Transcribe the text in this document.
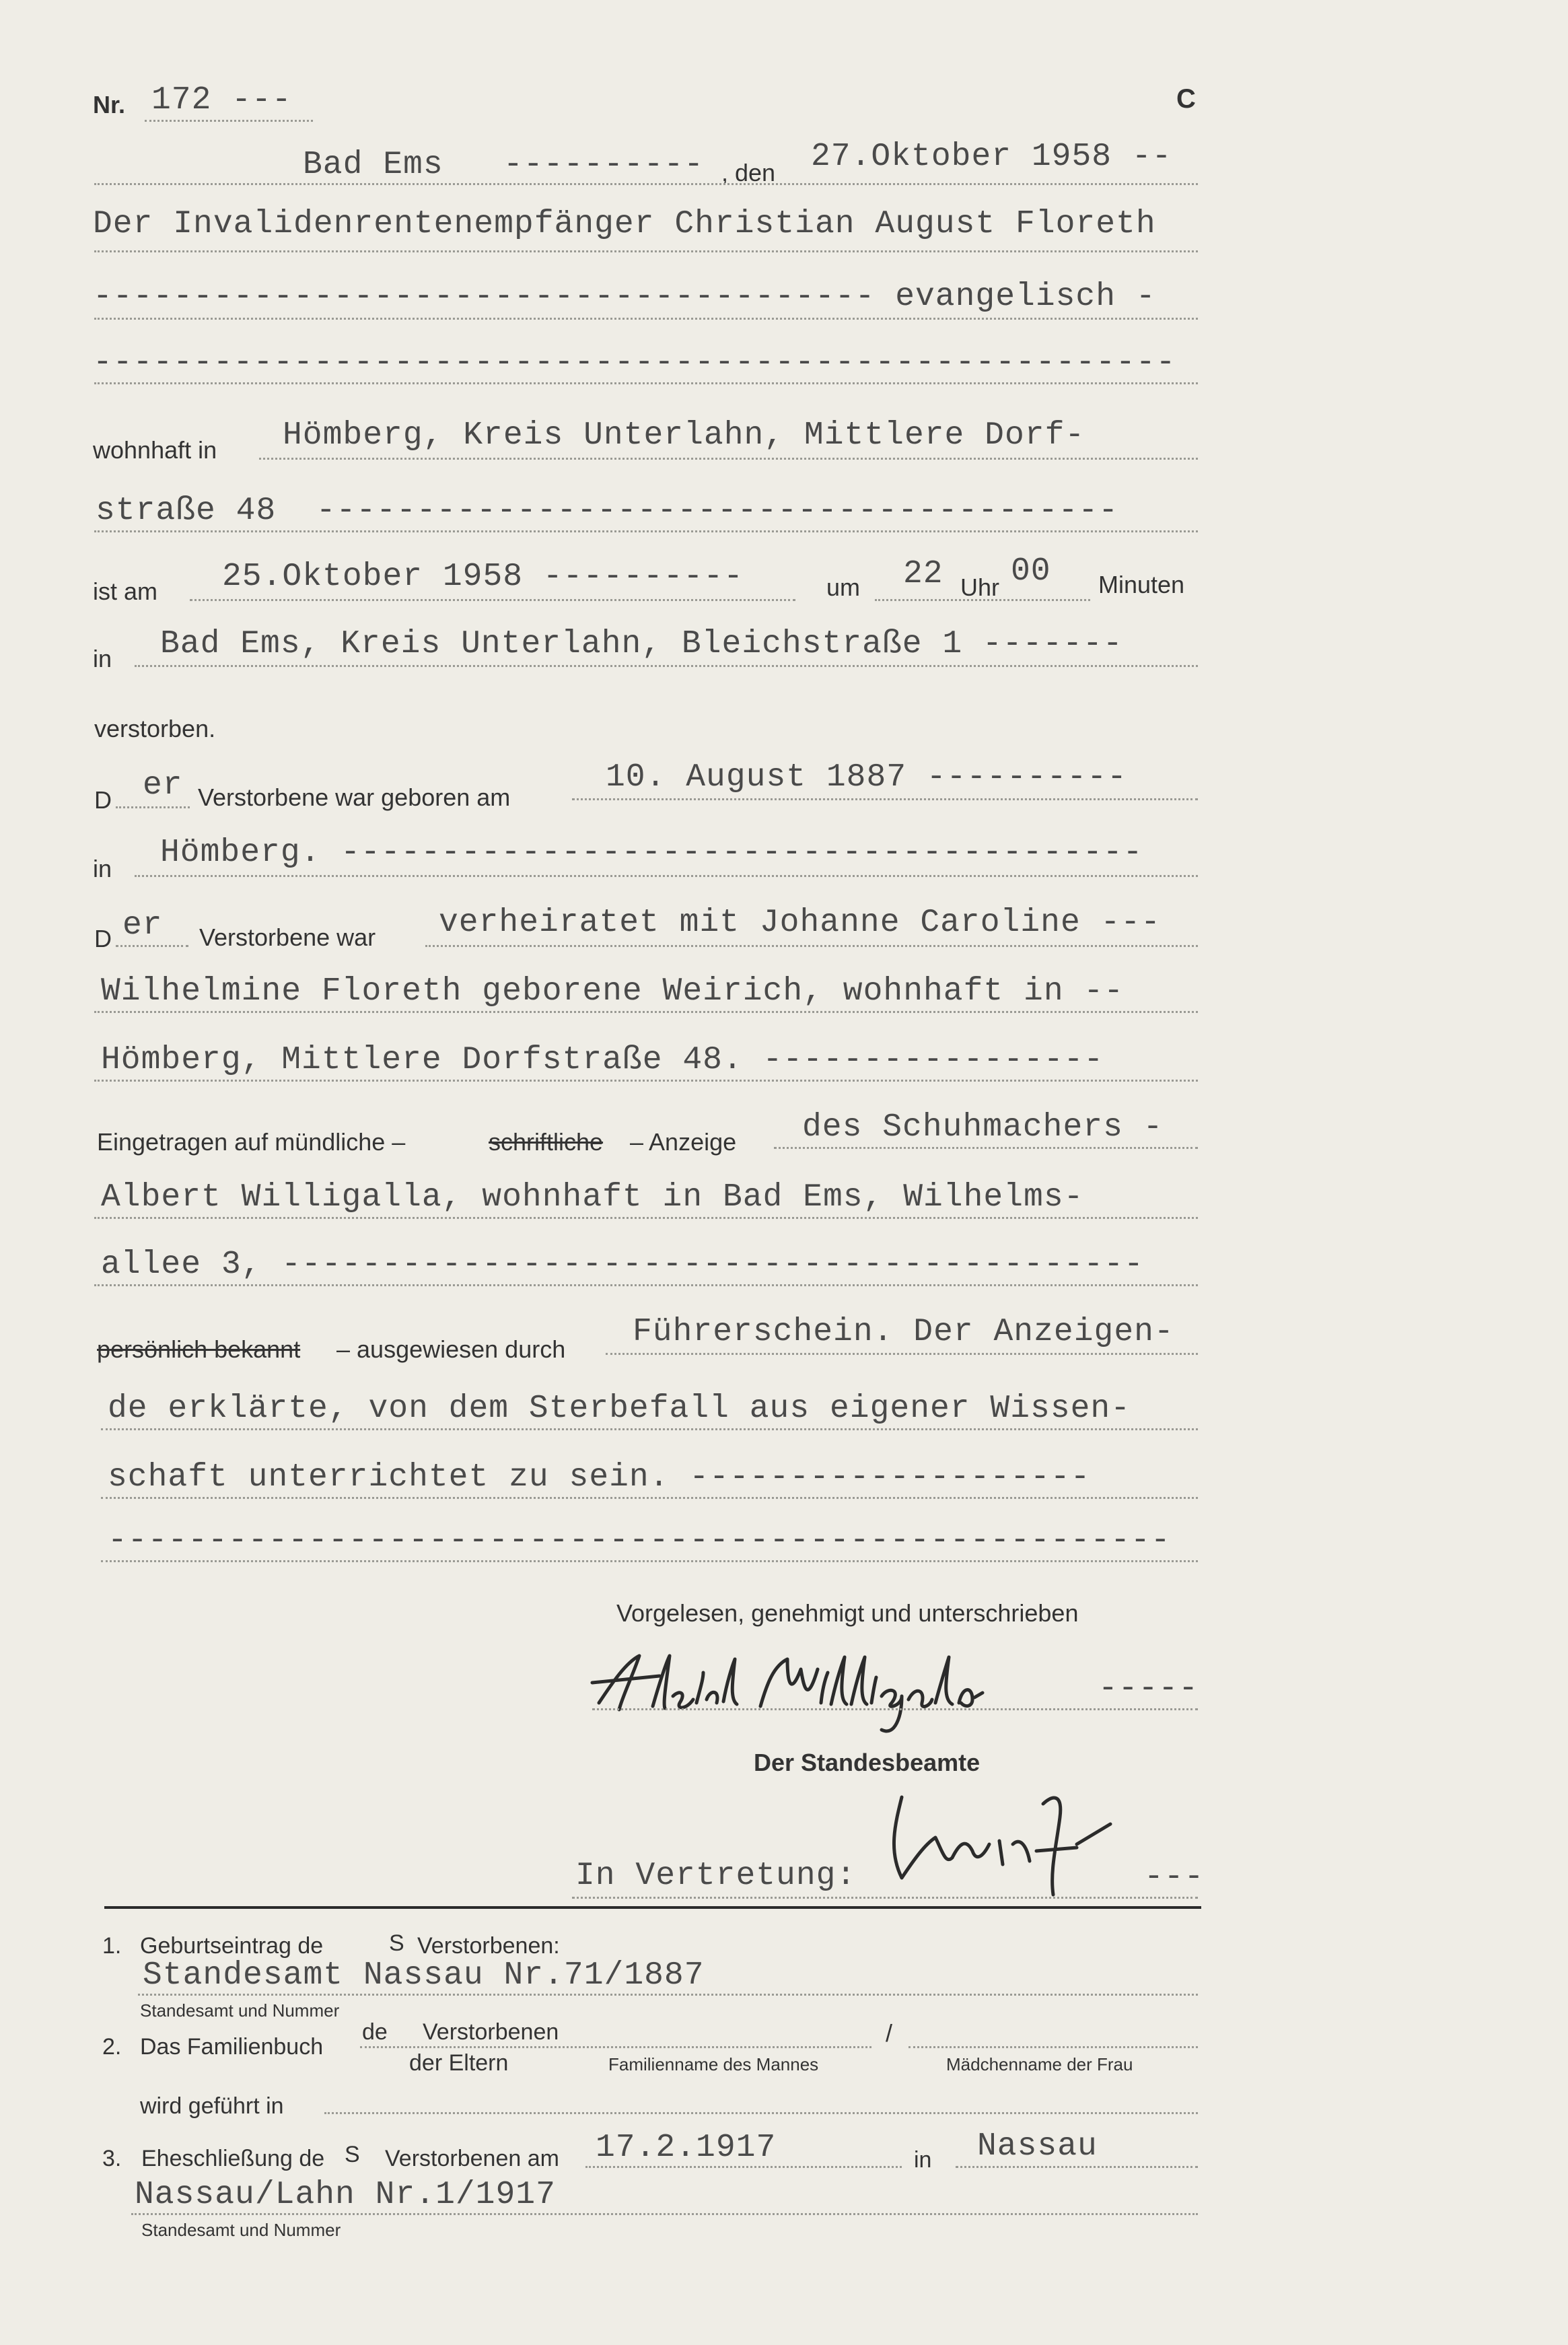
Nr. 172 ---	C
Bad Ems   ---------- , den 27.Oktober 1958 --
Der Invalidenrentenempfänger Christian August Floreth
--------------------------------------- evangelisch -
------------------------------------------------------
wohnhaft in Hömberg, Kreis Unterlahn, Mittlere Dorf-
straße 48  ----------------------------------------
ist am 25.Oktober 1958 ----------	um 22 Uhr 00 Minuten
in Bad Ems, Kreis Unterlahn, Bleichstraße 1 -------
verstorben.
D er Verstorbene war geboren am
10. August 1887 ----------
in Hömberg. ----------------------------------------
D er Verstorbene war verheiratet mit Johanne Caroline ---
Wilhelmine Floreth geborene Weirich, wohnhaft in --
Hömberg, Mittlere Dorfstraße 48. -----------------
Eingetragen auf mündliche –	schriftliche – Anzeige des Schuhmachers -
Albert Willigalla, wohnhaft in Bad Ems, Wilhelms-
allee 3, -------------------------------------------
persönlich bekannt – ausgewiesen durch Führerschein. Der Anzeigen-
de erklärte, von dem Sterbefall aus eigener Wissen-
schaft unterrichtet zu sein. --------------------
-----------------------------------------------------
Vorgelesen, genehmigt und unterschrieben
-----
Der Standesbeamte
In Vertretung:	---
1. Geburtseintrag de	S Verstorbenen:
Standesamt Nassau Nr.71/1887
Standesamt und Nummer
2. Das Familienbuch
de Verstorbenen	/
der Eltern	Familienname des Mannes	Mädchenname der Frau
wird geführt in
3. Eheschließung de S Verstorbenen am 17.2.1917	in Nassau
Nassau/Lahn Nr.1/1917
Standesamt und Nummer
